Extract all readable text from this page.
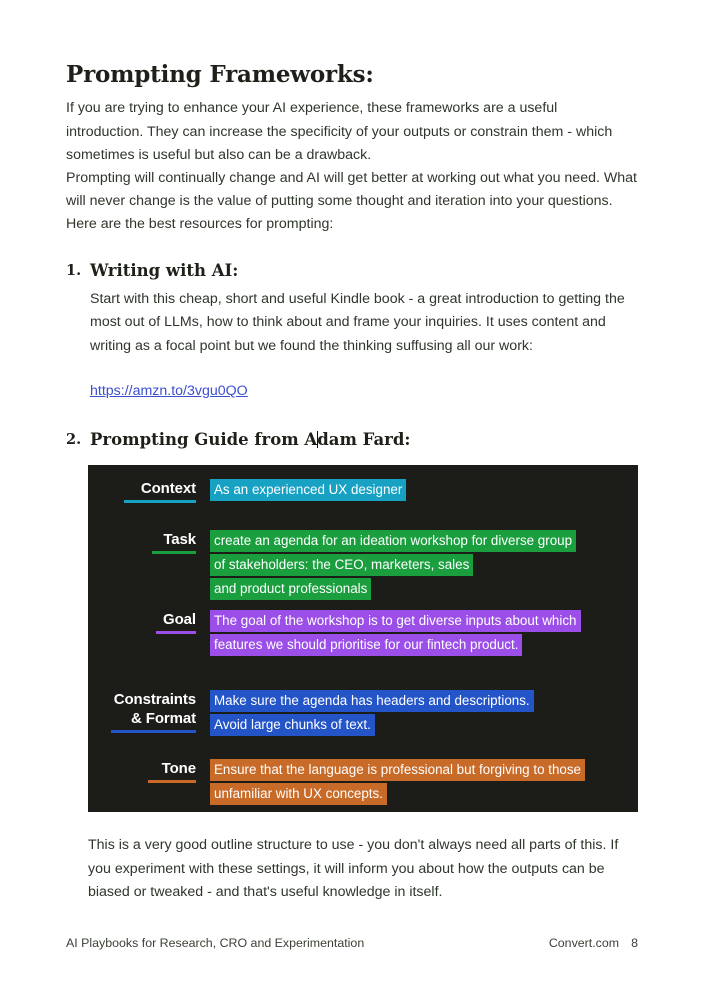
Prompting Frameworks:

If you are trying to enhance your AI experience, these frameworks are a useful introduction. They can increase the specificity of your outputs or constrain them - which sometimes is useful but also can be a drawback.

Prompting will continually change and AI will get better at working out what you need. What will never change is the value of putting some thought and iteration into your questions. Here are the best resources for prompting:

1. Writing with AI:

Start with this cheap, short and useful Kindle book - a great introduction to getting the most out of LLMs, how to think about and frame your inquiries. It uses content and writing as a focal point but we found the thinking suffusing all our work:

https://amzn.to/3vgu0QO
2. Prompting Guide from Adam Fard:
Context As an experienced UX designer
Task create an agenda for an ideation workshop for diverse group
of stakeholders: the CEO, marketers, sales
and product professionals
Goal The goal of the workshop is to get diverse inputs about which
features we should prioritise for our fintech product.
Constraints
& Format
Make sure the agenda has headers and descriptions.
Avoid large chunks of text.
Tone Ensure that the language is professional but forgiving to those
unfamiliar with UX concepts.

This is a very good outline structure to use - you don't always need all parts of this. If you experiment with these settings, it will inform you about how the outputs can be biased or tweaked - and that's useful knowledge in itself.

AI Playbooks for Research, CRO and Experimentation	Convert.com 8
